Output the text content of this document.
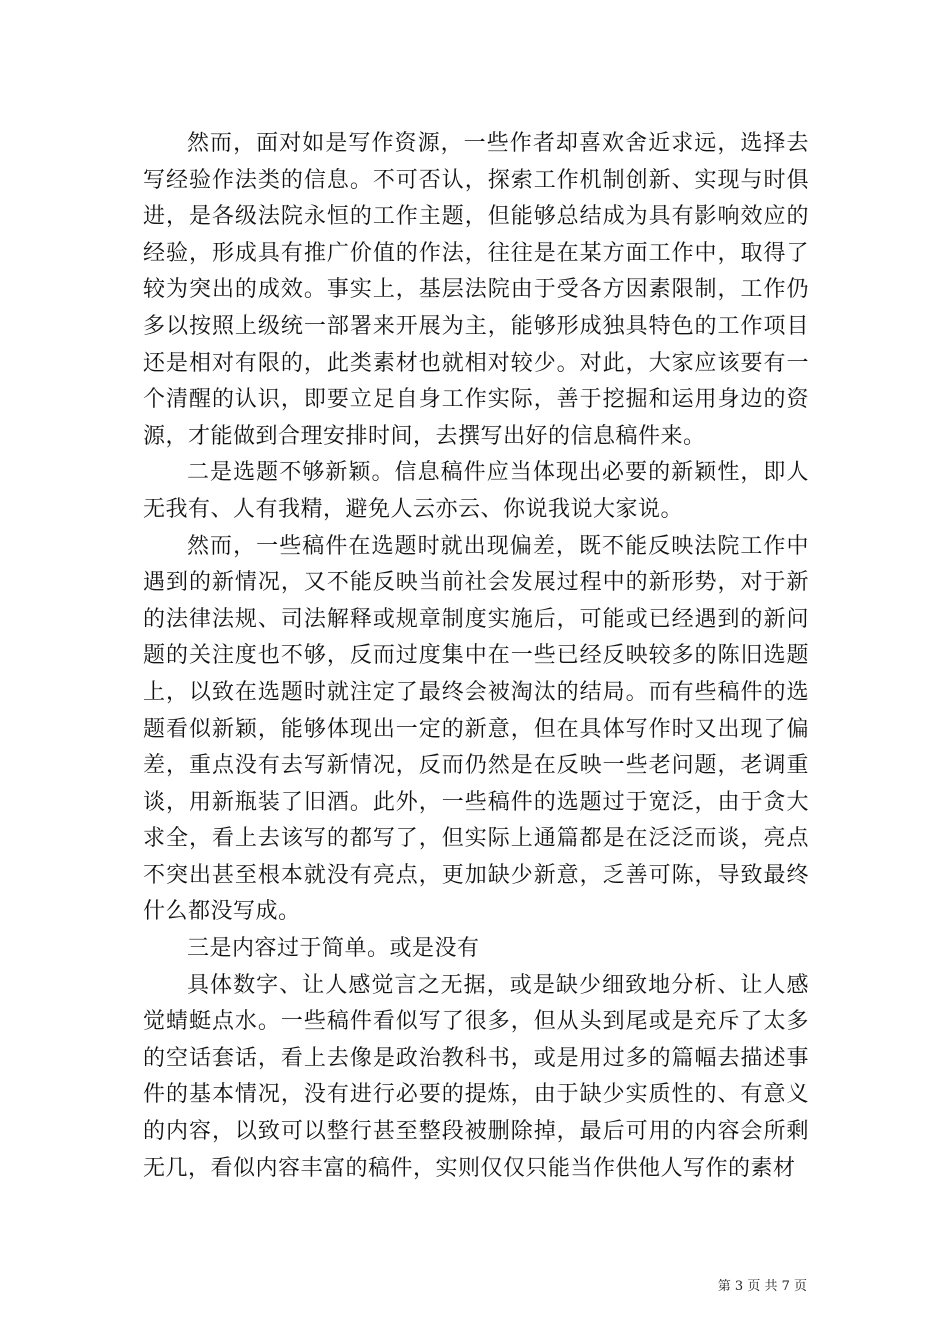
然而，面对如是写作资源，一些作者却喜欢舍近求远，选择去写经验作法类的信息。不可否认，探索工作机制创新、实现与时俱进，是各级法院永恒的工作主题，但能够总结成为具有影响效应的经验，形成具有推广价值的作法，往往是在某方面工作中，取得了较为突出的成效。事实上，基层法院由于受各方因素限制，工作仍多以按照上级统一部署来开展为主，能够形成独具特色的工作项目还是相对有限的，此类素材也就相对较少。对此，大家应该要有一个清醒的认识，即要立足自身工作实际，善于挖掘和运用身边的资源，才能做到合理安排时间，去撰写出好的信息稿件来。

二是选题不够新颖。信息稿件应当体现出必要的新颖性，即人无我有、人有我精，避免人云亦云、你说我说大家说。

然而，一些稿件在选题时就出现偏差，既不能反映法院工作中遇到的新情况，又不能反映当前社会发展过程中的新形势，对于新的法律法规、司法解释或规章制度实施后，可能或已经遇到的新问题的关注度也不够，反而过度集中在一些已经反映较多的陈旧选题上，以致在选题时就注定了最终会被淘汰的结局。而有些稿件的选题看似新颖，能够体现出一定的新意，但在具体写作时又出现了偏差，重点没有去写新情况，反而仍然是在反映一些老问题，老调重谈，用新瓶装了旧酒。此外，一些稿件的选题过于宽泛，由于贪大求全，看上去该写的都写了，但实际上通篇都是在泛泛而谈，亮点不突出甚至根本就没有亮点，更加缺少新意，乏善可陈，导致最终什么都没写成。

三是内容过于简单。或是没有

具体数字、让人感觉言之无据，或是缺少细致地分析、让人感觉蜻蜓点水。一些稿件看似写了很多，但从头到尾或是充斥了太多的空话套话，看上去像是政治教科书，或是用过多的篇幅去描述事件的基本情况，没有进行必要的提炼，由于缺少实质性的、有意义的内容，以致可以整行甚至整段被删除掉，最后可用的内容会所剩无几，看似内容丰富的稿件，实则仅仅只能当作供他人写作的素材

第 3 页 共 7 页
